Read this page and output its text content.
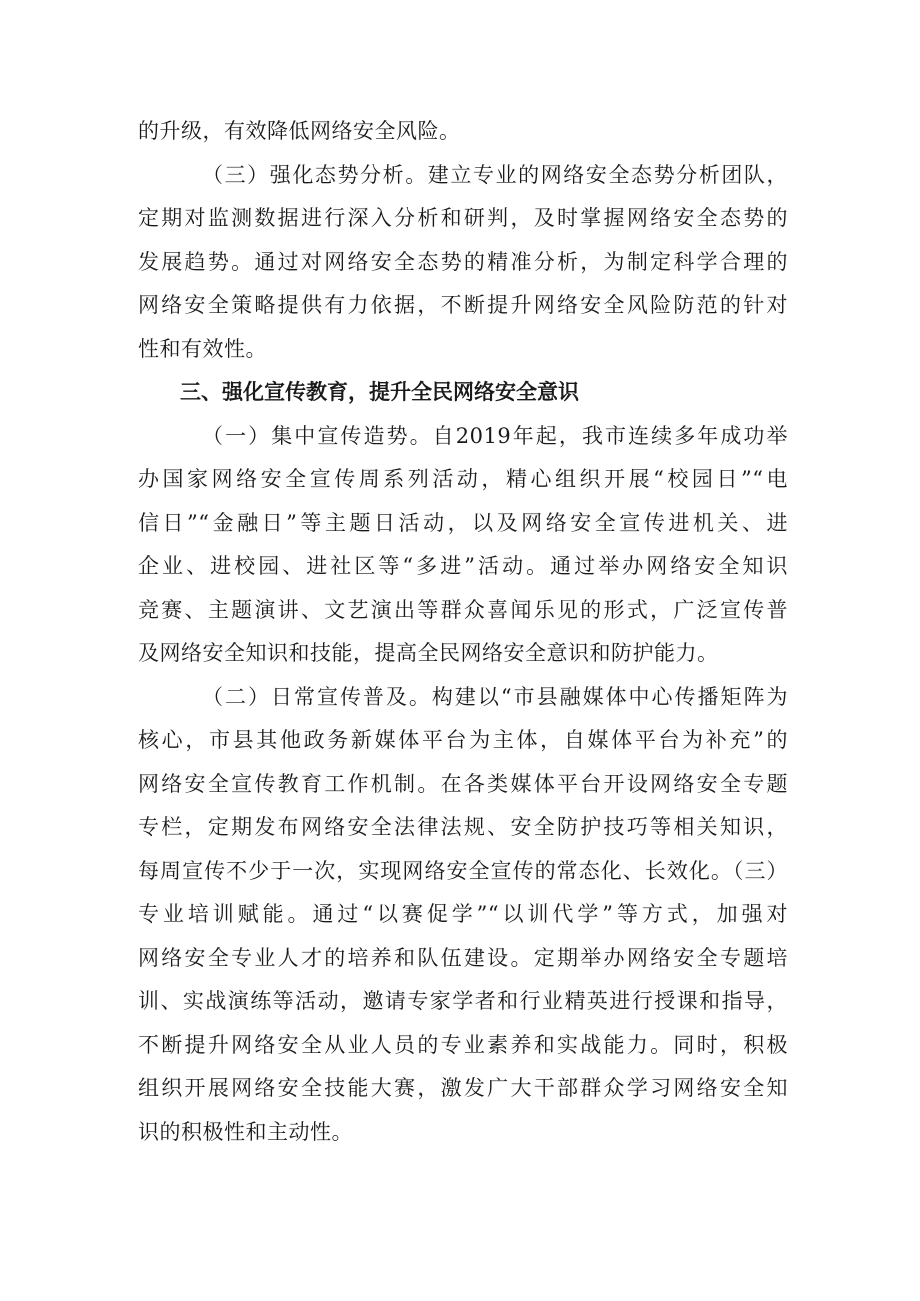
的升级，有效降低网络安全风险。
（三）强化态势分析。建立专业的网络安全态势分析团队，
定期对监测数据进行深入分析和研判，及时掌握网络安全态势的
发展趋势。通过对网络安全态势的精准分析，为制定科学合理的
网络安全策略提供有力依据，不断提升网络安全风险防范的针对
性和有效性。
三、强化宣传教育，提升全民网络安全意识
（一）集中宣传造势。自2019年起，我市连续多年成功举
办国家网络安全宣传周系列活动，精心组织开展“校园日”“电
信日”“金融日”等主题日活动，以及网络安全宣传进机关、进
企业、进校园、进社区等“多进”活动。通过举办网络安全知识
竞赛、主题演讲、文艺演出等群众喜闻乐见的形式，广泛宣传普
及网络安全知识和技能，提高全民网络安全意识和防护能力。
（二）日常宣传普及。构建以“市县融媒体中心传播矩阵为
核心，市县其他政务新媒体平台为主体，自媒体平台为补充”的
网络安全宣传教育工作机制。在各类媒体平台开设网络安全专题
专栏，定期发布网络安全法律法规、安全防护技巧等相关知识，
每周宣传不少于一次，实现网络安全宣传的常态化、长效化。（三）
专业培训赋能。通过“以赛促学”“以训代学”等方式，加强对
网络安全专业人才的培养和队伍建设。定期举办网络安全专题培
训、实战演练等活动，邀请专家学者和行业精英进行授课和指导，
不断提升网络安全从业人员的专业素养和实战能力。同时，积极
组织开展网络安全技能大赛，激发广大干部群众学习网络安全知
识的积极性和主动性。
